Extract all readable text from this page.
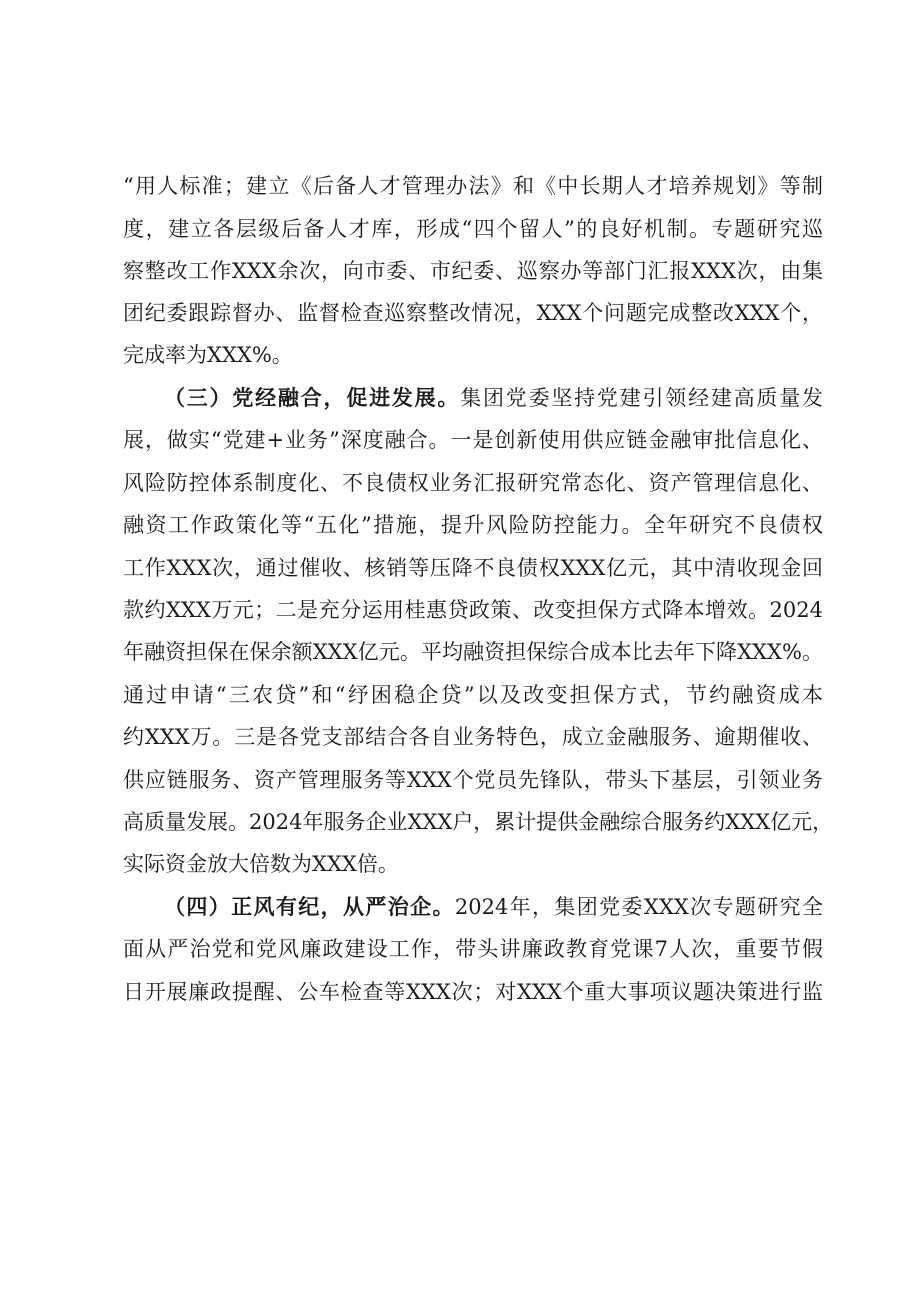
“用人标准；建立《后备人才管理办法》和《中长期人才培养规划》等制
度，建立各层级后备人才库，形成“四个留人”的良好机制。专题研究巡
察整改工作XXX余次，向市委、市纪委、巡察办等部门汇报XXX次，由集
团纪委跟踪督办、监督检查巡察整改情况，XXX个问题完成整改XXX个，
完成率为XXX%。
（三）党经融合，促进发展。集团党委坚持党建引领经建高质量发
展，做实“党建+业务”深度融合。一是创新使用供应链金融审批信息化、
风险防控体系制度化、不良债权业务汇报研究常态化、资产管理信息化、
融资工作政策化等“五化”措施，提升风险防控能力。全年研究不良债权
工作XXX次，通过催收、核销等压降不良债权XXX亿元，其中清收现金回
款约XXX万元；二是充分运用桂惠贷政策、改变担保方式降本增效。2024
年融资担保在保余额XXX亿元。平均融资担保综合成本比去年下降XXX%。
通过申请“三农贷”和“纾困稳企贷”以及改变担保方式，节约融资成本
约XXX万。三是各党支部结合各自业务特色，成立金融服务、逾期催收、
供应链服务、资产管理服务等XXX个党员先锋队，带头下基层，引领业务
高质量发展。2024年服务企业XXX户，累计提供金融综合服务约XXX亿元，
实际资金放大倍数为XXX倍。
（四）正风有纪，从严治企。2024年，集团党委XXX次专题研究全
面从严治党和党风廉政建设工作，带头讲廉政教育党课7人次，重要节假
日开展廉政提醒、公车检查等XXX次；对XXX个重大事项议题决策进行监
